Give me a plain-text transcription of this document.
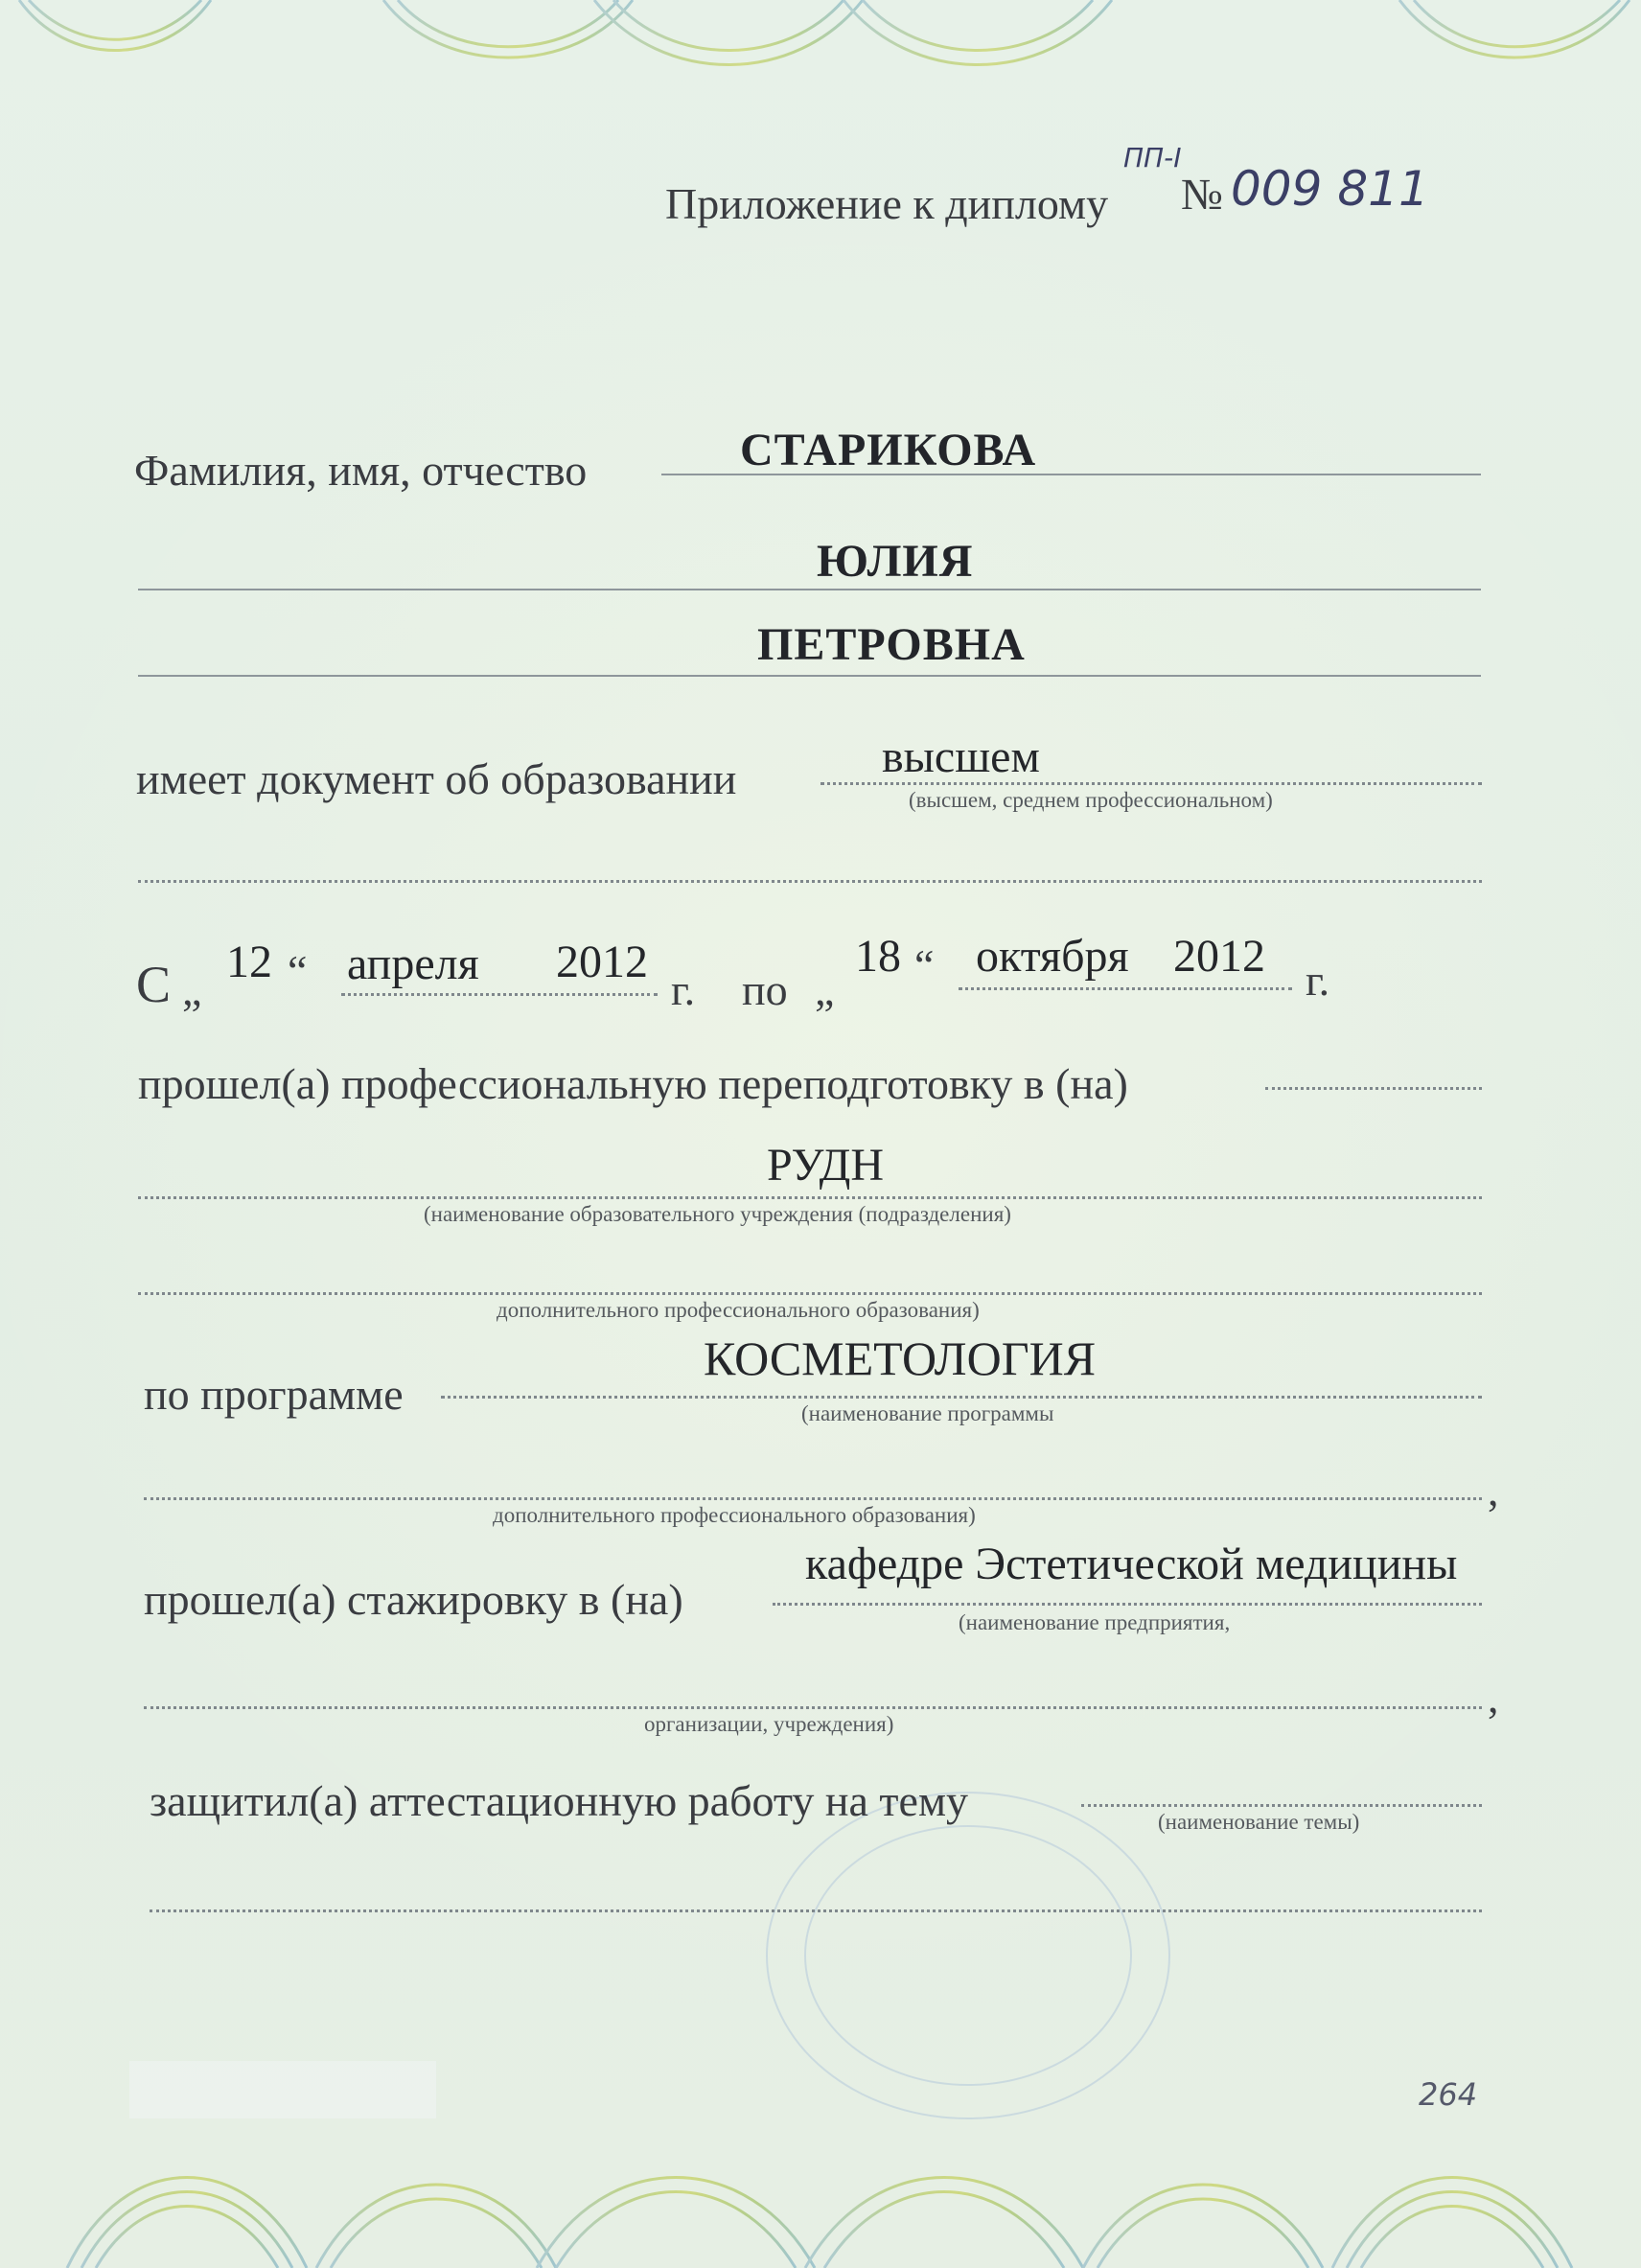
Приложение к диплому №
ПП-I
009 811
Фамилия, имя, отчество	СТАРИКОВА
ЮЛИЯ
ПЕТРОВНА
имеет документ об образовании	высшем
(высшем, среднем профессиональном)
С „
12 “ апреля 2012
г. по „
18 “ октября 2012 г.
прошел(а) профессиональную переподготовку в (на)
РУДН
(наименование образовательного учреждения (подразделения)
дополнительного профессионального образования)
по программе
КОСМЕТОЛОГИЯ
(наименование программы
,
дополнительного профессионального образования)
прошел(а) стажировку в (на)
кафедре Эстетической медицины
(наименование предприятия,
,
организации, учреждения)
защитил(а) аттестационную работу на тему	(наименование темы)
264
